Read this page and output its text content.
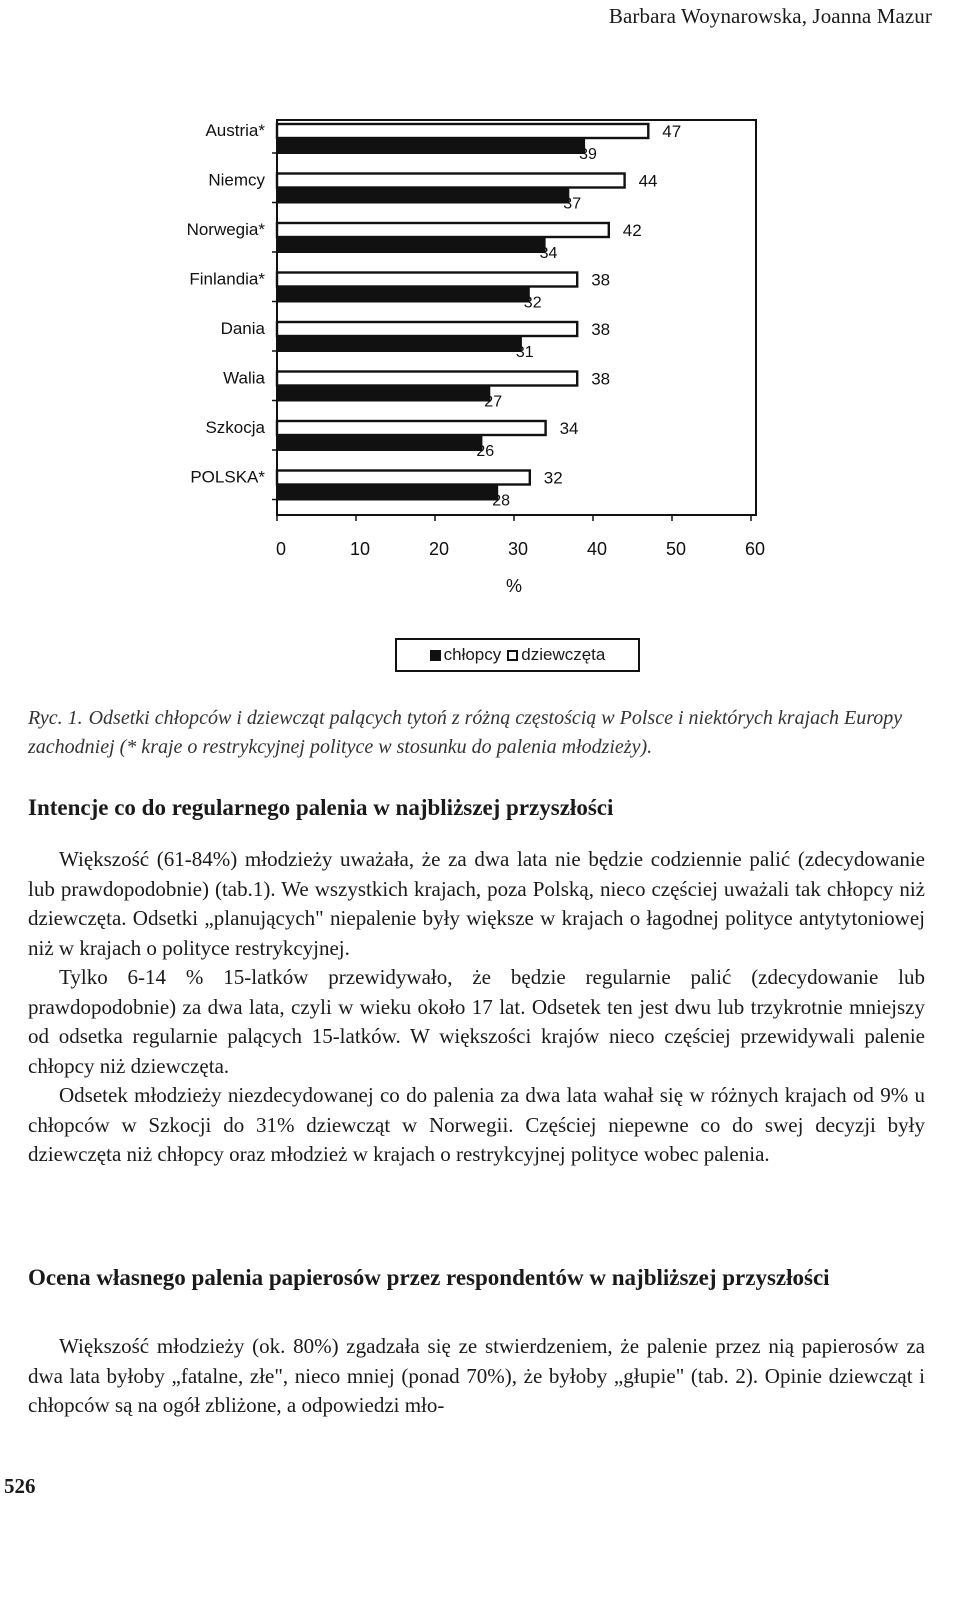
Barbara Woynarowska, Joanna Mazur
Austria*	47
39
Niemcy	44
37
Norwegia*	42
34
Finlandia*	38
32
Dania	38
31
Walia	38
27
Szkocja	34
26
POLSKA*	32
28
0	10	20	30	40	50	60
%
chłopcy dziewczęta
Ryc. 1. Odsetki chłopców i dziewcząt palących tytoń z różną częstością w Polsce i niektórych krajach Europy zachodniej (* kraje o restrykcyjnej polityce w stosunku do palenia młodzieży).
Intencje co do regularnego palenia w najbliższej przyszłości

Większość (61-84%) młodzieży uważała, że za dwa lata nie będzie codziennie palić (zdecydowanie lub prawdopodobnie) (tab.1). We wszystkich krajach, poza Polską, nieco częściej uważali tak chłopcy niż dziewczęta. Odsetki „planujących" niepalenie były większe w krajach o łagodnej polityce antytytoniowej niż w krajach o polityce restrykcyjnej.

Tylko 6-14 % 15-latków przewidywało, że będzie regularnie palić (zdecydowanie lub prawdopodobnie) za dwa lata, czyli w wieku około 17 lat. Odsetek ten jest dwu lub trzykrotnie mniejszy od odsetka regularnie palących 15-latków. W większości krajów nieco częściej przewidywali palenie chłopcy niż dziewczęta.

Odsetek młodzieży niezdecydowanej co do palenia za dwa lata wahał się w różnych krajach od 9% u chłopców w Szkocji do 31% dziewcząt w Norwegii. Częściej niepewne co do swej decyzji były dziewczęta niż chłopcy oraz młodzież w krajach o restrykcyjnej polityce wobec palenia.

Ocena własnego palenia papierosów przez respondentów w najbliższej przyszłości

Większość młodzieży (ok. 80%) zgadzała się ze stwierdzeniem, że palenie przez nią papierosów za dwa lata byłoby „fatalne, złe", nieco mniej (ponad 70%), że byłoby „głupie" (tab. 2). Opinie dziewcząt i chłopców są na ogół zbliżone, a odpowiedzi mło-

526
